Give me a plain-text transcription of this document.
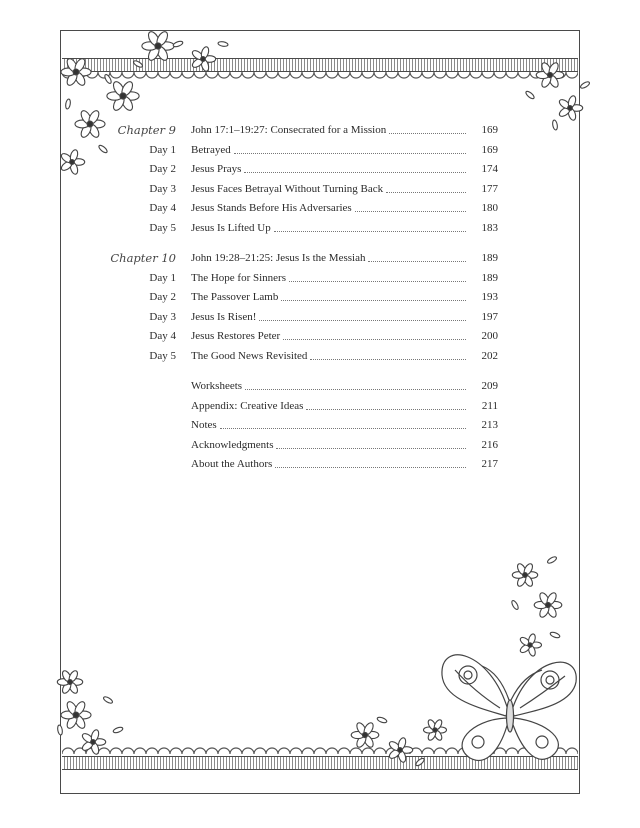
Chapter 9 John 17:1–19:27: Consecrated for a Mission	169
Day 1 Betrayed	169
Day 2 Jesus Prays	174
Day 3 Jesus Faces Betrayal Without Turning Back	177
Day 4 Jesus Stands Before His Adversaries	180
Day 5 Jesus Is Lifted Up	183
Chapter 10 John 19:28–21:25: Jesus Is the Messiah	189
Day 1 The Hope for Sinners	189
Day 2 The Passover Lamb	193
Day 3 Jesus Is Risen!	197
Day 4 Jesus Restores Peter	200
Day 5 The Good News Revisited	202
Worksheets	209
Appendix: Creative Ideas	211
Notes	213
Acknowledgments	216
About the Authors	217
